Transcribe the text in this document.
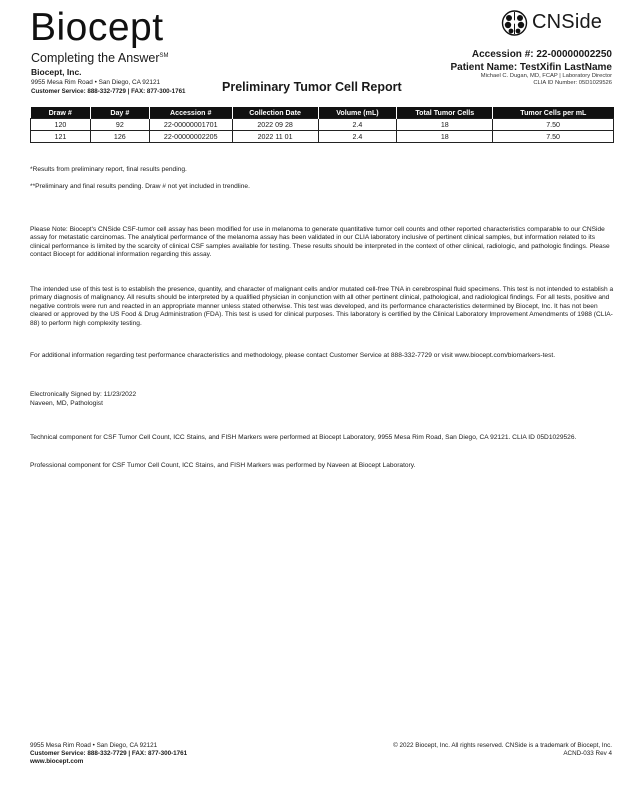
Biocept
Completing the Answer℠
Biocept, Inc.
9955 Mesa Rim Road • San Diego, CA 92121
Customer Service: 888-332-7729 | FAX: 877-300-1761
CNSide
Accession #: 22-00000002250
Patient Name: TestXifin LastName
Michael C. Dugan, MD, FCAP | Laboratory Director
CLIA ID Number: 05D1029526
Preliminary Tumor Cell Report
Draw #	Day #	Accession #	Collection Date	Volume (mL)	Total Tumor Cells	Tumor Cells per mL
120	92	22-00000001701	2022 09 28	2.4	18	7.50
121	126	22-00000002205	2022 11 01	2.4	18	7.50
*Results from preliminary report, final results pending.
**Preliminary and final results pending. Draw # not yet included in trendline.
Please Note: Biocept's CNSide CSF-tumor cell assay has been modified for use in melanoma to generate quantitative tumor cell counts and other reported characteristics comparable to our CNSide assay for metastatic carcinomas. The analytical performance of the melanoma assay has been validated in our CLIA laboratory inclusive of pertinent clinical samples, but information related to its clinical performance is limited by the scarcity of clinical CSF samples available for testing. These results should be interpreted in the context of other clinical, radiologic, and pathologic findings. Please contact Biocept for additional information regarding this assay.
The intended use of this test is to establish the presence, quantity, and character of malignant cells and/or mutated cell-free TNA in cerebrospinal fluid specimens. This test is not intended to establish a primary diagnosis of malignancy. All results should be interpreted by a qualified physician in conjunction with all other pertinent clinical, pathological, and radiological findings. For all tests, positive and negative controls were run and reacted in an appropriate manner unless stated otherwise. This test was developed, and its performance characteristics determined by Biocept, Inc. It has not been cleared or approved by the US Food & Drug Administration (FDA). This test is used for clinical purposes. This laboratory is certified by the Clinical Laboratory Improvement Amendments of 1988 (CLIA-88) to perform high complexity testing.
For additional information regarding test performance characteristics and methodology, please contact Customer Service at 888-332-7729 or visit www.biocept.com/biomarkers-test.
Electronically Signed by: 11/23/2022
Naveen, MD, Pathologist
Technical component for CSF Tumor Cell Count, ICC Stains, and FISH Markers were performed at Biocept Laboratory, 9955 Mesa Rim Road, San Diego, CA 92121. CLIA ID 05D1029526.
Professional component for CSF Tumor Cell Count, ICC Stains, and FISH Markers was performed by Naveen at Biocept Laboratory.
9955 Mesa Rim Road • San Diego, CA 92121
Customer Service: 888-332-7729 | FAX: 877-300-1761
www.biocept.com
© 2022 Biocept, Inc. All rights reserved. CNSide is a trademark of Biocept, Inc.
ACND-033 Rev 4
